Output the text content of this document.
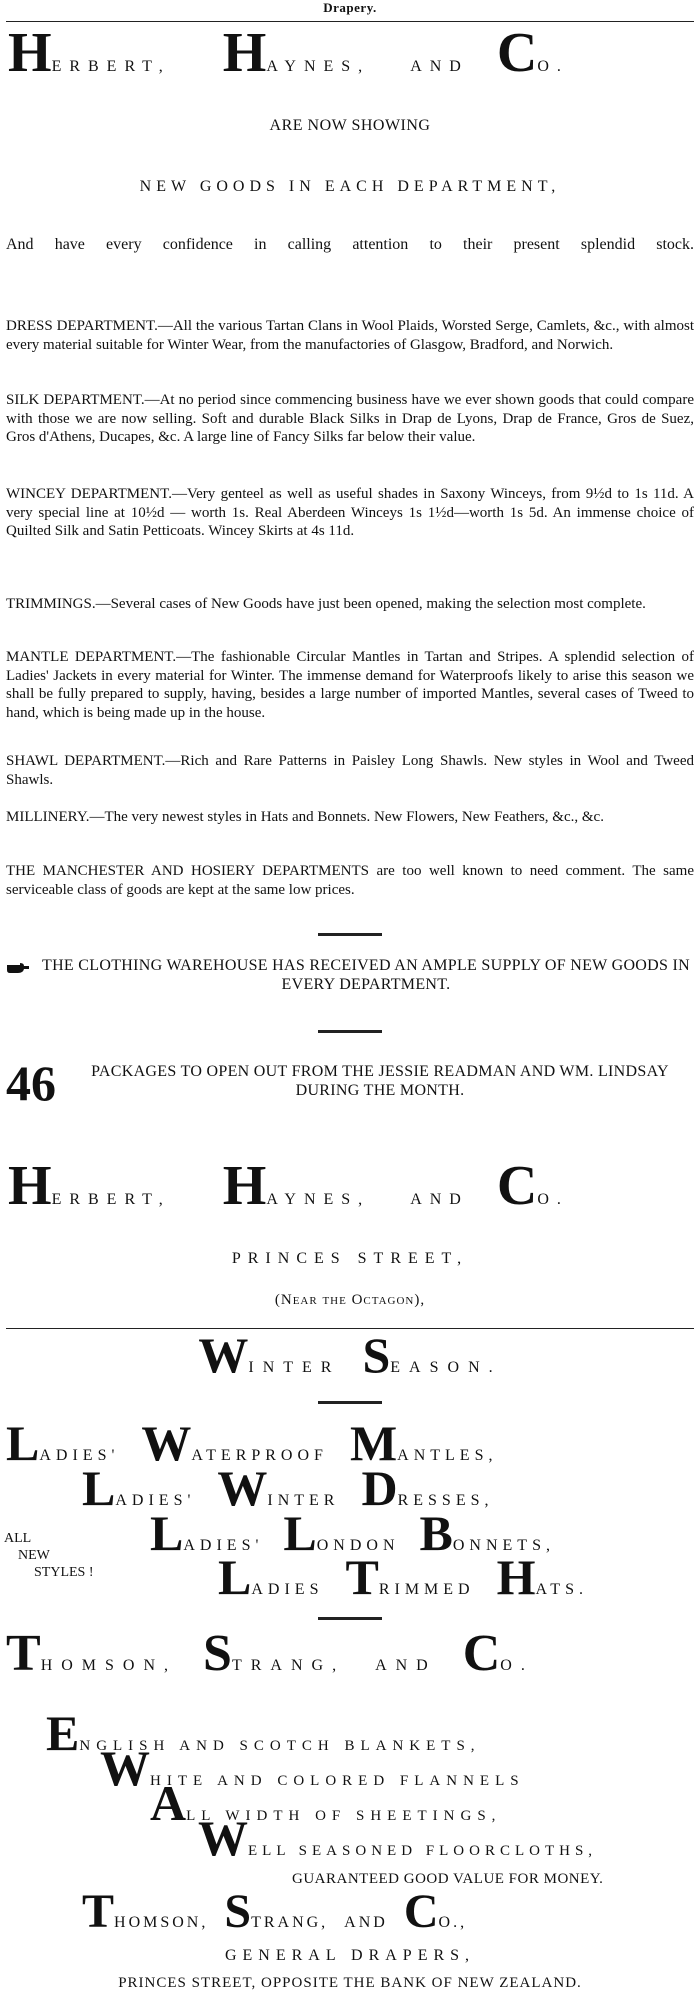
Drapery.
HERBERT, HAYNES,	AND CO.
ARE NOW SHOWING
NEW GOODS IN EACH DEPARTMENT,
And have every confidence in calling attention to their present splendid stock.
DRESS DEPARTMENT.—All the various Tartan Clans in Wool Plaids, Worsted Serge, Camlets, &c., with almost every material suitable for Winter Wear, from the manufactories of Glasgow, Bradford, and Norwich.
SILK DEPARTMENT.—At no period since commencing business have we ever shown goods that could compare with those we are now selling. Soft and durable Black Silks in Drap de Lyons, Drap de France, Gros de Suez, Gros d'Athens, Ducapes, &c. A large line of Fancy Silks far below their value.
WINCEY DEPARTMENT.—Very genteel as well as useful shades in Saxony Winceys, from 9½d to 1s 11d. A very special line at 10½d — worth 1s. Real Aberdeen Winceys 1s 1½d—worth 1s 5d. An immense choice of Quilted Silk and Satin Petticoats. Wincey Skirts at 4s 11d.
TRIMMINGS.—Several cases of New Goods have just been opened, making the selection most complete.
MANTLE DEPARTMENT.—The fashionable Circular Mantles in Tartan and Stripes. A splendid selection of Ladies' Jackets in every material for Winter. The immense demand for Waterproofs likely to arise this season we shall be fully prepared to supply, having, besides a large number of imported Mantles, several cases of Tweed to hand, which is being made up in the house.
SHAWL DEPARTMENT.—Rich and Rare Patterns in Paisley Long Shawls. New styles in Wool and Tweed Shawls.
MILLINERY.—The very newest styles in Hats and Bonnets. New Flowers, New Feathers, &c., &c.
THE MANCHESTER AND HOSIERY DEPARTMENTS are too well known to need comment. The same serviceable class of goods are kept at the same low prices.
THE CLOTHING WAREHOUSE HAS RECEIVED AN AMPLE SUPPLY OF NEW GOODS IN EVERY DEPARTMENT.
46	PACKAGES TO OPEN OUT FROM THE JESSIE READMAN AND WM. LINDSAY DURING THE MONTH.
HERBERT, HAYNES,	AND CO.
PRINCES STREET,
(Near the Octagon),
WINTER SEASON.
LADIES' WATERPROOF MANTLES,
LADIES' WINTER DRESSES,
ALL
NEW
STYLES !
LADIES' LONDON BONNETS,
LADIES TRIMMED HATS.
THOMSON, STRANG, AND CO.
ENGLISH AND SCOTCH BLANKETS,
WHITE AND COLORED FLANNELS
ALL WIDTH OF SHEETINGS,
WELL SEASONED FLOORCLOTHS,
GUARANTEED GOOD VALUE FOR MONEY.
THOMSON, STRANG, AND CO.,
GENERAL DRAPERS,
PRINCES STREET, OPPOSITE THE BANK OF NEW ZEALAND.
